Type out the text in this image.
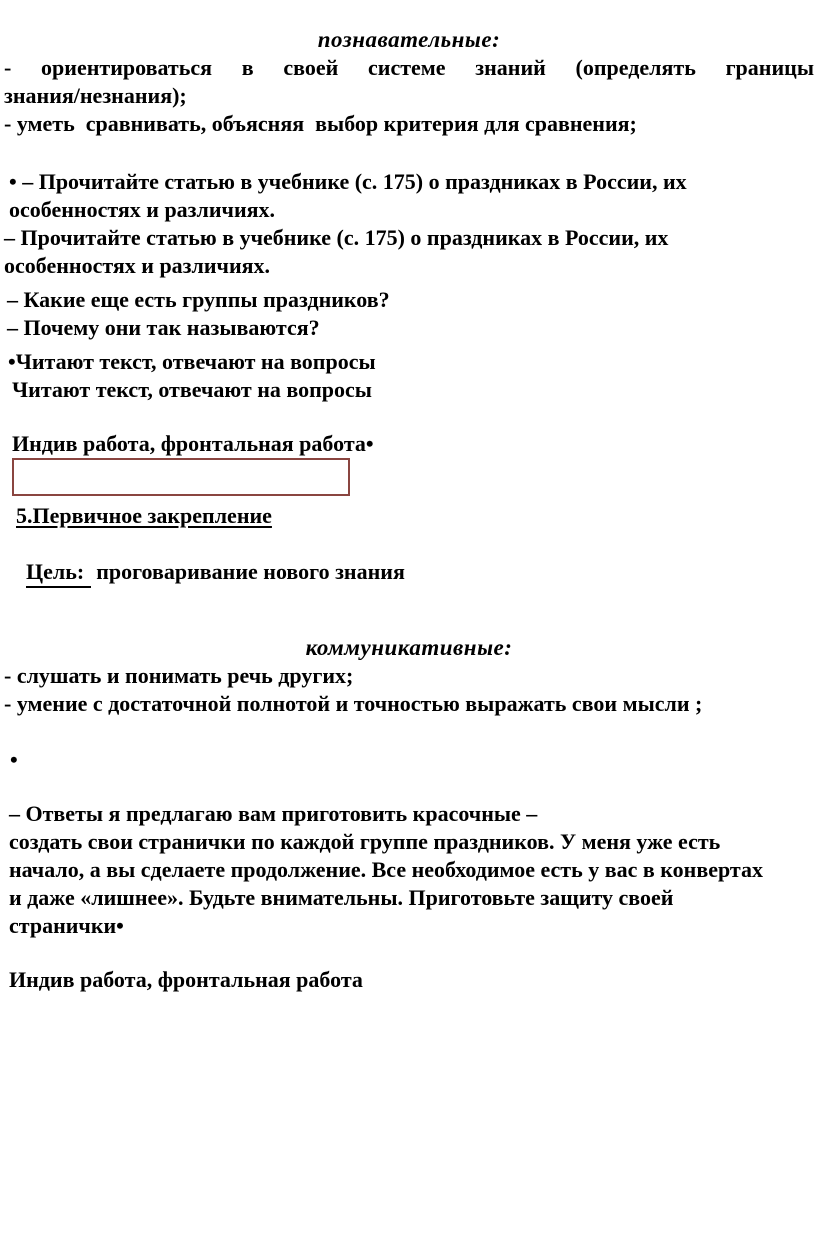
познавательные:
- ориентироваться в своей системе знаний (определять границы
знания/незнания);
- уметь  сравнивать, объясняя  выбор критерия для сравнения;
• – Прочитайте статью в учебнике (с. 175) о праздниках в России, их
особенностях и различиях.
– Прочитайте статью в учебнике (с. 175) о праздниках в России, их
особенностях и различиях.
– Какие еще есть группы праздников?
– Почему они так называются?
•Читают текст, отвечают на вопросы
Читают текст, отвечают на вопросы
Индив работа, фронтальная работа•
5.Первичное закрепление

Цель: проговаривание нового знания

коммуникативные:
- слушать и понимать речь других;
- умение с достаточной полнотой и точностью выражать свои мысли ;
•
– Ответы я предлагаю вам приготовить красочные –
создать свои странички по каждой группе праздников. У меня уже есть
начало, а вы сделаете продолжение. Все необходимое есть у вас в конвертах
и даже «лишнее». Будьте внимательны. Приготовьте защиту своей
странички•
Индив работа, фронтальная работа
